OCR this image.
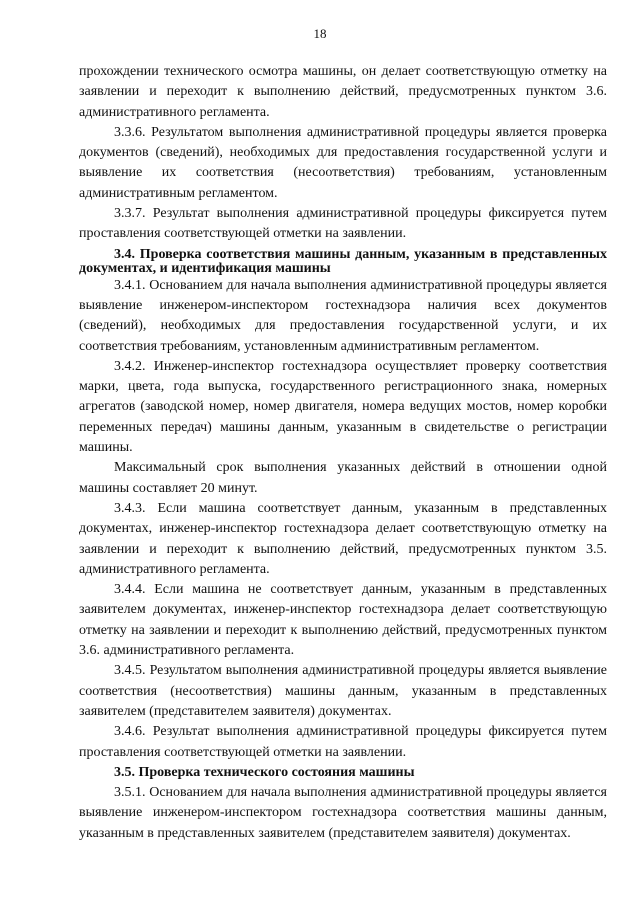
18

прохождении технического осмотра машины, он делает соответствующую отметку на заявлении и переходит к выполнению действий, предусмотренных пунктом 3.6. административного регламента.

3.3.6. Результатом выполнения административной процедуры является проверка документов (сведений), необходимых для предоставления государственной услуги и выявление их соответствия (несоответствия) требованиям, установленным административным регламентом.

3.3.7. Результат выполнения административной процедуры фиксируется путем проставления соответствующей отметки на заявлении.

3.4. Проверка соответствия машины данным, указанным в представленных документах, и идентификация машины

3.4.1. Основанием для начала выполнения административной процедуры является выявление инженером-инспектором гостехнадзора наличия всех документов (сведений), необходимых для предоставления государственной услуги, и их соответствия требованиям, установленным административным регламентом.

3.4.2. Инженер-инспектор гостехнадзора осуществляет проверку соответствия марки, цвета, года выпуска, государственного регистрационного знака, номерных агрегатов (заводской номер, номер двигателя, номера ведущих мостов, номер коробки переменных передач) машины данным, указанным в свидетельстве о регистрации машины.

Максимальный срок выполнения указанных действий в отношении одной машины составляет 20 минут.

3.4.3. Если машина соответствует данным, указанным в представленных документах, инженер-инспектор гостехнадзора делает соответствующую отметку на заявлении и переходит к выполнению действий, предусмотренных пунктом 3.5. административного регламента.

3.4.4. Если машина не соответствует данным, указанным в представленных заявителем документах, инженер-инспектор гостехнадзора делает соответствующую отметку на заявлении и переходит к выполнению действий, предусмотренных пунктом 3.6. административного регламента.

3.4.5. Результатом выполнения административной процедуры является выявление соответствия (несоответствия) машины данным, указанным в представленных заявителем (представителем заявителя) документах.

3.4.6. Результат выполнения административной процедуры фиксируется путем проставления соответствующей отметки на заявлении.

3.5. Проверка технического состояния машины

3.5.1. Основанием для начала выполнения административной процедуры является выявление инженером-инспектором гостехнадзора соответствия машины данным, указанным в представленных заявителем (представителем заявителя) документах.
